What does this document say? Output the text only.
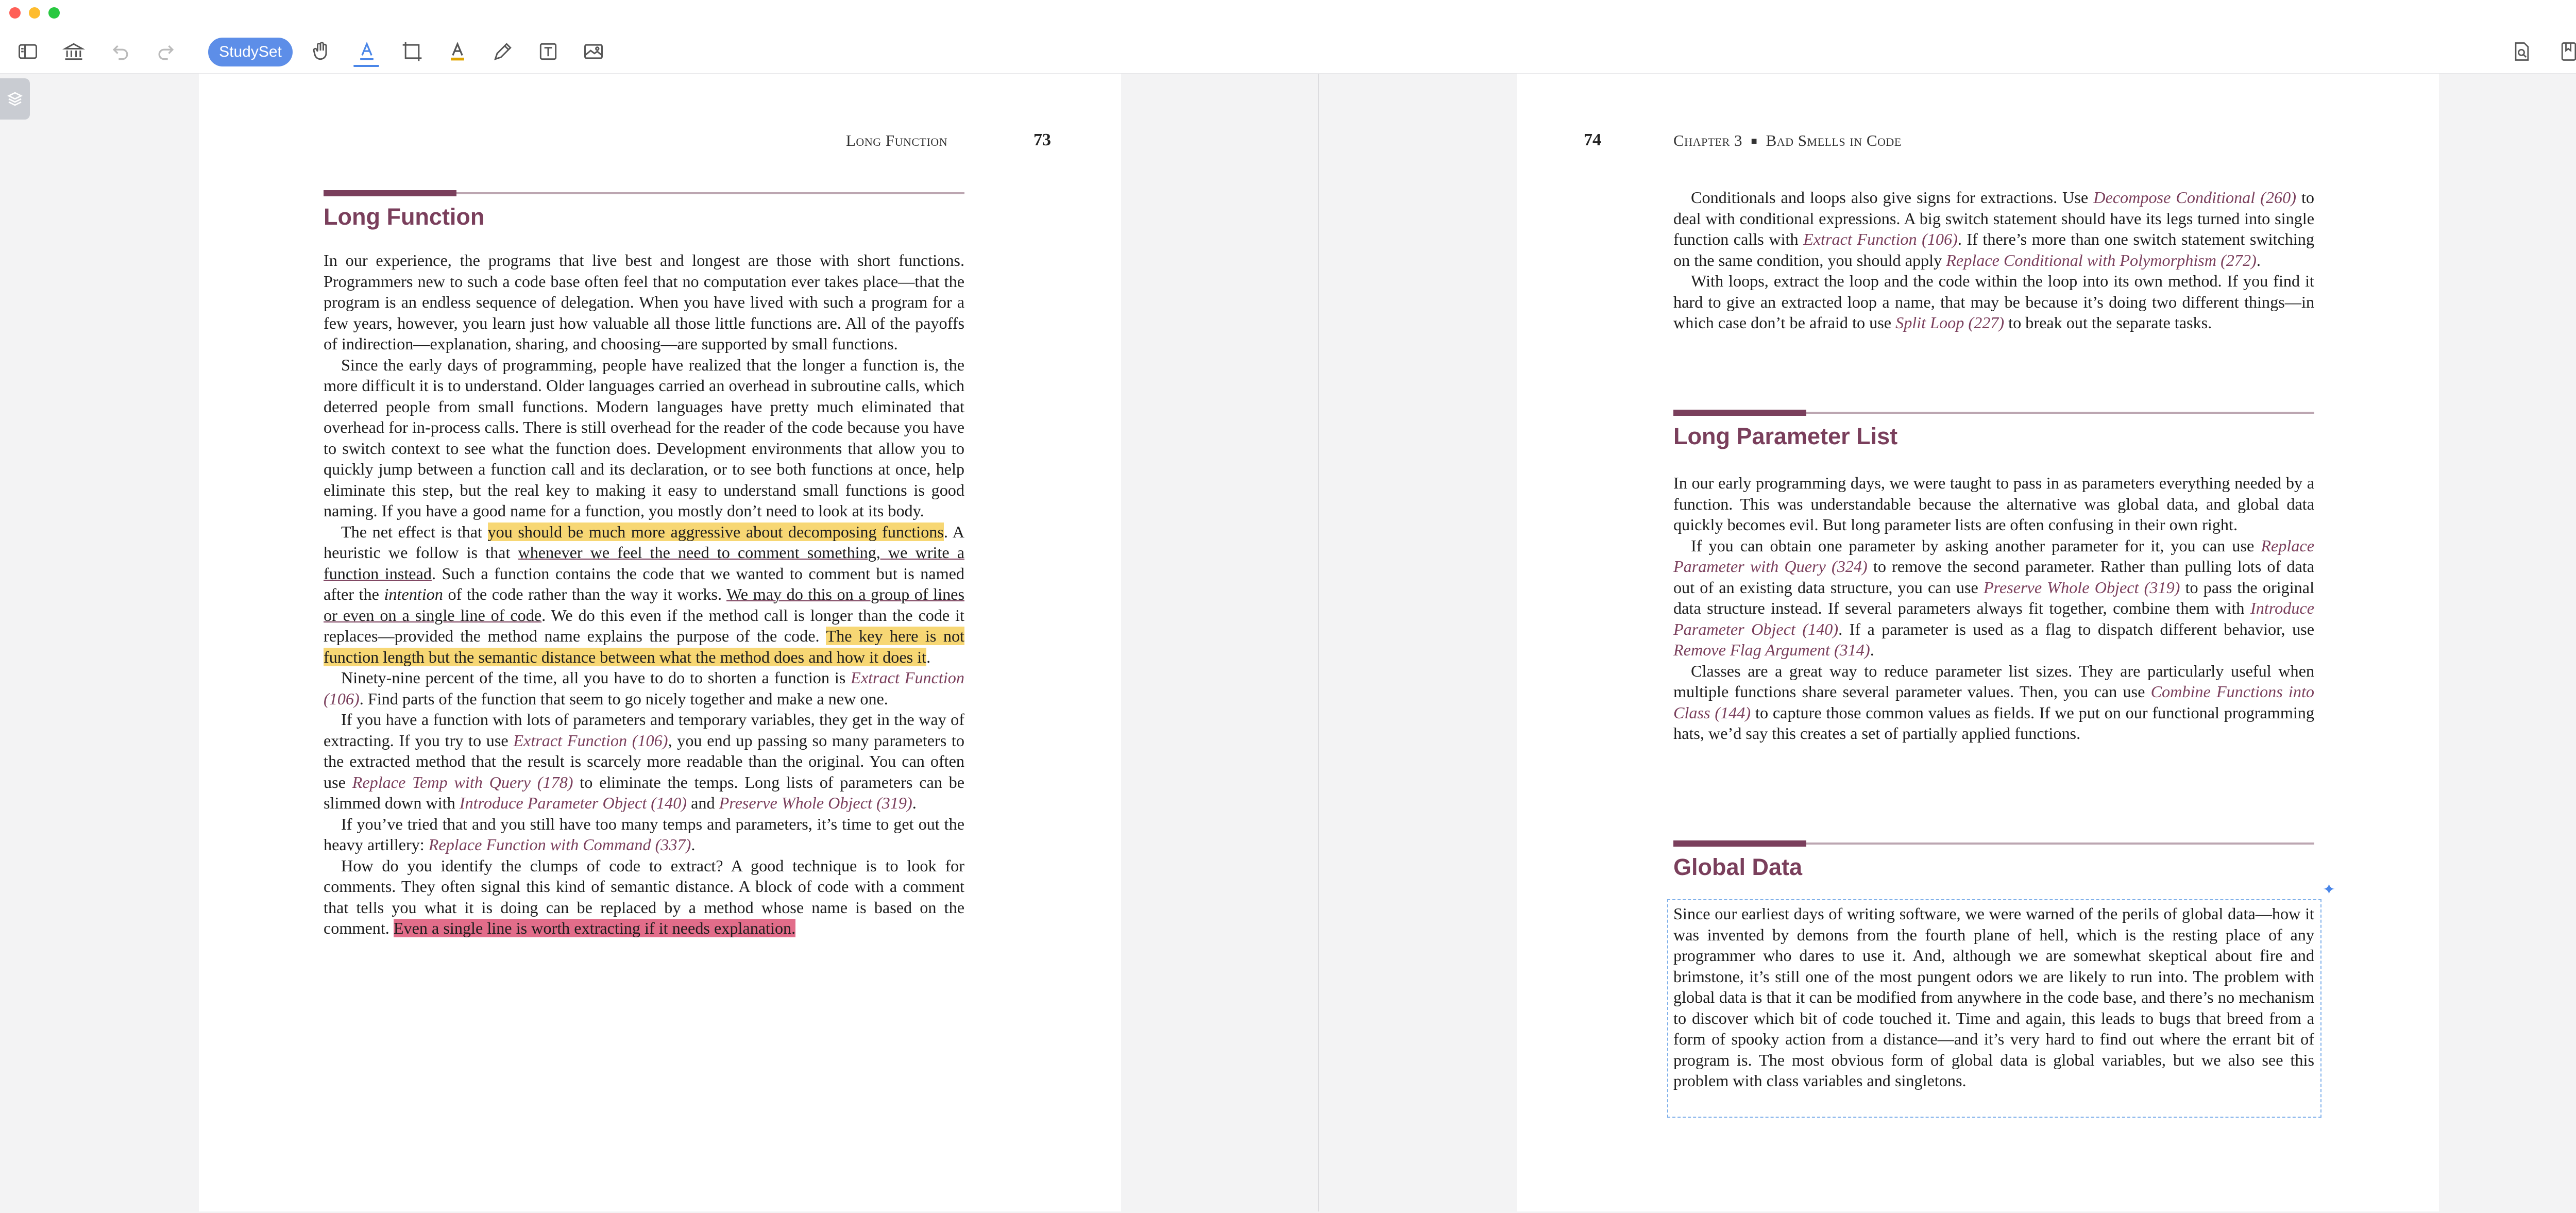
StudySet
Long Function	73
Long Function

In our experience, the programs that live best and longest are those with short functions. Programmers new to such a code base often feel that no computation ever takes place—that the program is an endless sequence of delegation. When you have lived with such a program for a few years, however, you learn just how valuable all those little functions are. All of the payoffs of indirection—explanation, sharing, and choosing—are supported by small functions.

Since the early days of programming, people have realized that the longer a function is, the more difficult it is to understand. Older languages carried an overhead in subroutine calls, which deterred people from small functions. Modern languages have pretty much eliminated that overhead for in-process calls. There is still overhead for the reader of the code because you have to switch context to see what the function does. Development environments that allow you to quickly jump between a function call and its declaration, or to see both functions at once, help eliminate this step, but the real key to making it easy to understand small functions is good naming. If you have a good name for a function, you mostly don’t need to look at its body.

The net effect is that you should be much more aggressive about decomposing functions. A heuristic we follow is that whenever we feel the need to comment something, we write a function instead. Such a function contains the code that we wanted to comment but is named after the intention of the code rather than the way it works. We may do this on a group of lines or even on a single line of code. We do this even if the method call is longer than the code it replaces—provided the method name explains the purpose of the code. The key here is not function length but the semantic distance between what the method does and how it does it.

Ninety-nine percent of the time, all you have to do to shorten a function is Extract Function (106). Find parts of the function that seem to go nicely together and make a new one.

If you have a function with lots of parameters and temporary variables, they get in the way of extracting. If you try to use Extract Function (106), you end up passing so many parameters to the extracted method that the result is scarcely more readable than the original. You can often use Replace Temp with Query (178) to eliminate the temps. Long lists of parameters can be slimmed down with Introduce Parameter Object (140) and Preserve Whole Object (319).

If you’ve tried that and you still have too many temps and parameters, it’s time to get out the heavy artillery: Replace Function with Command (337).

How do you identify the clumps of code to extract? A good technique is to look for comments. They often signal this kind of semantic distance. A block of code with a comment that tells you what it is doing can be replaced by a method whose name is based on the comment. Even a single line is worth extracting if it needs explanation.

74	Chapter 3 ■ Bad Smells in Code

Conditionals and loops also give signs for extractions. Use Decompose Conditional (260) to deal with conditional expressions. A big switch statement should have its legs turned into single function calls with Extract Function (106). If there’s more than one switch statement switching on the same condition, you should apply Replace Conditional with Polymorphism (272).

With loops, extract the loop and the code within the loop into its own method. If you find it hard to give an extracted loop a name, that may be because it’s doing two different things—in which case don’t be afraid to use Split Loop (227) to break out the separate tasks.

Long Parameter List

In our early programming days, we were taught to pass in as parameters everything needed by a function. This was understandable because the alternative was global data, and global data quickly becomes evil. But long parameter lists are often confusing in their own right.

If you can obtain one parameter by asking another parameter for it, you can use Replace Parameter with Query (324) to remove the second parameter. Rather than pulling lots of data out of an existing data structure, you can use Preserve Whole Object (319) to pass the original data structure instead. If several parameters always fit together, combine them with Introduce Parameter Object (140). If a parameter is used as a flag to dispatch different behavior, use Remove Flag Argument (314).

Classes are a great way to reduce parameter list sizes. They are particularly useful when multiple functions share several parameter values. Then, you can use Combine Functions into Class (144) to capture those common values as fields. If we put on our functional programming hats, we’d say this creates a set of partially applied functions.

Global Data
✦

Since our earliest days of writing software, we were warned of the perils of global data—how it was invented by demons from the fourth plane of hell, which is the resting place of any programmer who dares to use it. And, although we are somewhat skeptical about fire and brimstone, it’s still one of the most pungent odors we are likely to run into. The problem with global data is that it can be modified from anywhere in the code base, and there’s no mechanism to discover which bit of code touched it. Time and again, this leads to bugs that breed from a form of spooky action from a distance—and it’s very hard to find out where the errant bit of program is. The most obvious form of global data is global variables, but we also see this problem with class variables and singletons.
